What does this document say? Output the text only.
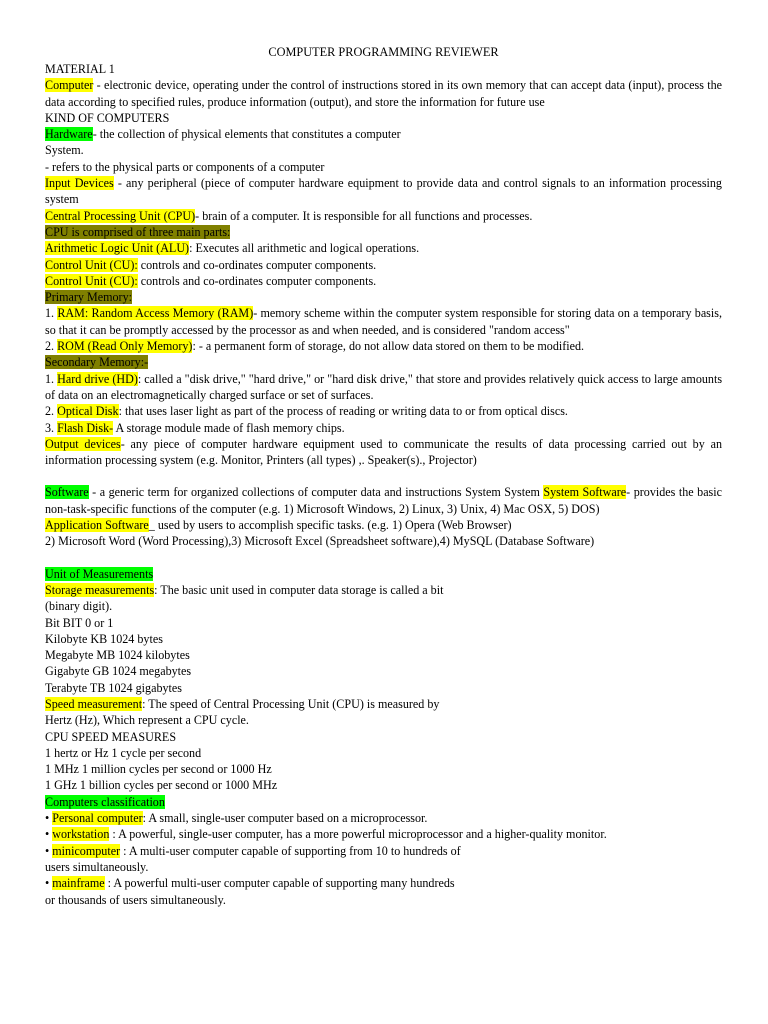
COMPUTER PROGRAMMING REVIEWER

MATERIAL 1

Computer - electronic device, operating under the control of instructions stored in its own memory that can accept data (input), process the data according to specified rules, produce information (output), and store the information for future use

KIND OF COMPUTERS

Hardware- the collection of physical elements that constitutes a computer

System.

- refers to the physical parts or components of a computer

Input Devices - any peripheral (piece of computer hardware equipment to provide data and control signals to an information processing system

Central Processing Unit (CPU)- brain of a computer. It is responsible for all functions and processes.

CPU is comprised of three main parts:

Arithmetic Logic Unit (ALU): Executes all arithmetic and logical operations.

Control Unit (CU): controls and co-ordinates computer components.

Control Unit (CU): controls and co-ordinates computer components.

Primary Memory:

1. RAM: Random Access Memory (RAM)- memory scheme within the computer system responsible for storing data on a temporary basis, so that it can be promptly accessed by the processor as and when needed, and is considered "random access"

2. ROM (Read Only Memory): - a permanent form of storage, do not allow data stored on them to be modified.

Secondary Memory:-

1. Hard drive (HD): called a "disk drive," "hard drive," or "hard disk drive," that store and provides relatively quick access to large amounts of data on an electromagnetically charged surface or set of surfaces.

2. Optical Disk: that uses laser light as part of the process of reading or writing data to or from optical discs.

3. Flash Disk- A storage module made of flash memory chips.

Output devices- any piece of computer hardware equipment used to communicate the results of data processing carried out by an information processing system (e.g. Monitor, Printers (all types) ,. Speaker(s)., Projector)

Software - a generic term for organized collections of computer data and instructions System System System Software- provides the basic non-task-specific functions of the computer (e.g. 1) Microsoft Windows, 2) Linux, 3) Unix, 4) Mac OSX, 5) DOS)

Application Software_ used by users to accomplish specific tasks. (e.g. 1) Opera (Web Browser)

2) Microsoft Word (Word Processing),3) Microsoft Excel (Spreadsheet software),4) MySQL (Database Software)

Unit of Measurements

Storage measurements: The basic unit used in computer data storage is called a bit

(binary digit).

Bit BIT 0 or 1

Kilobyte KB 1024 bytes

Megabyte MB 1024 kilobytes

Gigabyte GB 1024 megabytes

Terabyte TB 1024 gigabytes

Speed measurement: The speed of Central Processing Unit (CPU) is measured by

Hertz (Hz), Which represent a CPU cycle.

CPU SPEED MEASURES

1 hertz or Hz 1 cycle per second

1 MHz 1 million cycles per second or 1000 Hz

1 GHz 1 billion cycles per second or 1000 MHz

Computers classification

• Personal computer: A small, single-user computer based on a microprocessor.

• workstation : A powerful, single-user computer, has a more powerful microprocessor and a higher-quality monitor.

• minicomputer : A multi-user computer capable of supporting from 10 to hundreds of

users simultaneously.

• mainframe : A powerful multi-user computer capable of supporting many hundreds

or thousands of users simultaneously.
